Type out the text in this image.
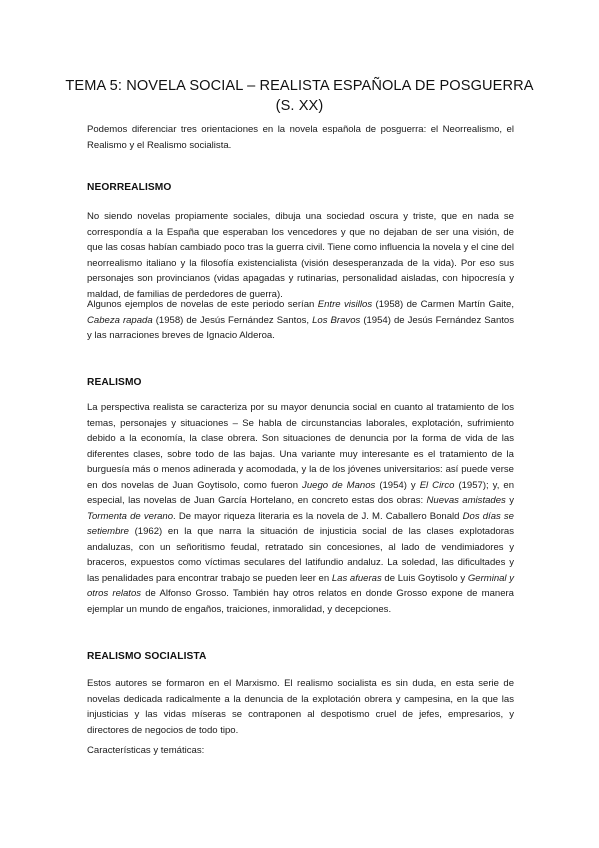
TEMA 5: NOVELA SOCIAL – REALISTA ESPAÑOLA DE POSGUERRA
(S. XX)
Podemos diferenciar tres orientaciones en la novela española de posguerra: el Neorrealismo, el Realismo y el Realismo socialista.
NEORREALISMO
No siendo novelas propiamente sociales, dibuja una sociedad oscura y triste, que en nada se correspondía a la España que esperaban los vencedores y que no dejaban de ser una visión, de que las cosas habían cambiado poco tras la guerra civil. Tiene como influencia la novela y el cine del neorrealismo italiano y la filosofía existencialista (visión desesperanzada de la vida). Por eso sus personajes son provincianos (vidas apagadas y rutinarias, personalidad aisladas, con hipocresía y maldad, de familias de perdedores de guerra).
Algunos ejemplos de novelas de este periodo serían Entre visillos (1958) de Carmen Martín Gaite, Cabeza rapada (1958) de Jesús Fernández Santos, Los Bravos (1954) de Jesús Fernández Santos y las narraciones breves de Ignacio Alderoa.
REALISMO
La perspectiva realista se caracteriza por su mayor denuncia social en cuanto al tratamiento de los temas, personajes y situaciones – Se habla de circunstancias laborales, explotación, sufrimiento debido a la economía, la clase obrera. Son situaciones de denuncia por la forma de vida de las diferentes clases, sobre todo de las bajas. Una variante muy interesante es el tratamiento de la burguesía más o menos adinerada y acomodada, y la de los jóvenes universitarios: así puede verse en dos novelas de Juan Goytisolo, como fueron Juego de Manos (1954) y El Circo (1957); y, en especial, las novelas de Juan García Hortelano, en concreto estas dos obras: Nuevas amistades y Tormenta de verano. De mayor riqueza literaria es la novela de J. M. Caballero Bonald Dos días se setiembre (1962) en la que narra la situación de injusticia social de las clases explotadoras andaluzas, con un señoritismo feudal, retratado sin concesiones, al lado de vendimiadores y braceros, expuestos como víctimas seculares del latifundio andaluz. La soledad, las dificultades y las penalidades para encontrar trabajo se pueden leer en Las afueras de Luis Goytisolo y Germinal y otros relatos de Alfonso Grosso. También hay otros relatos en donde Grosso expone de manera ejemplar un mundo de engaños, traiciones, inmoralidad, y decepciones.
REALISMO SOCIALISTA
Estos autores se formaron en el Marxismo. El realismo socialista es sin duda, en esta serie de novelas dedicada radicalmente a la denuncia de la explotación obrera y campesina, en la que las injusticias y las vidas míseras se contraponen al despotismo cruel de jefes, empresarios, y directores de negocios de todo tipo.
Características y temáticas:
